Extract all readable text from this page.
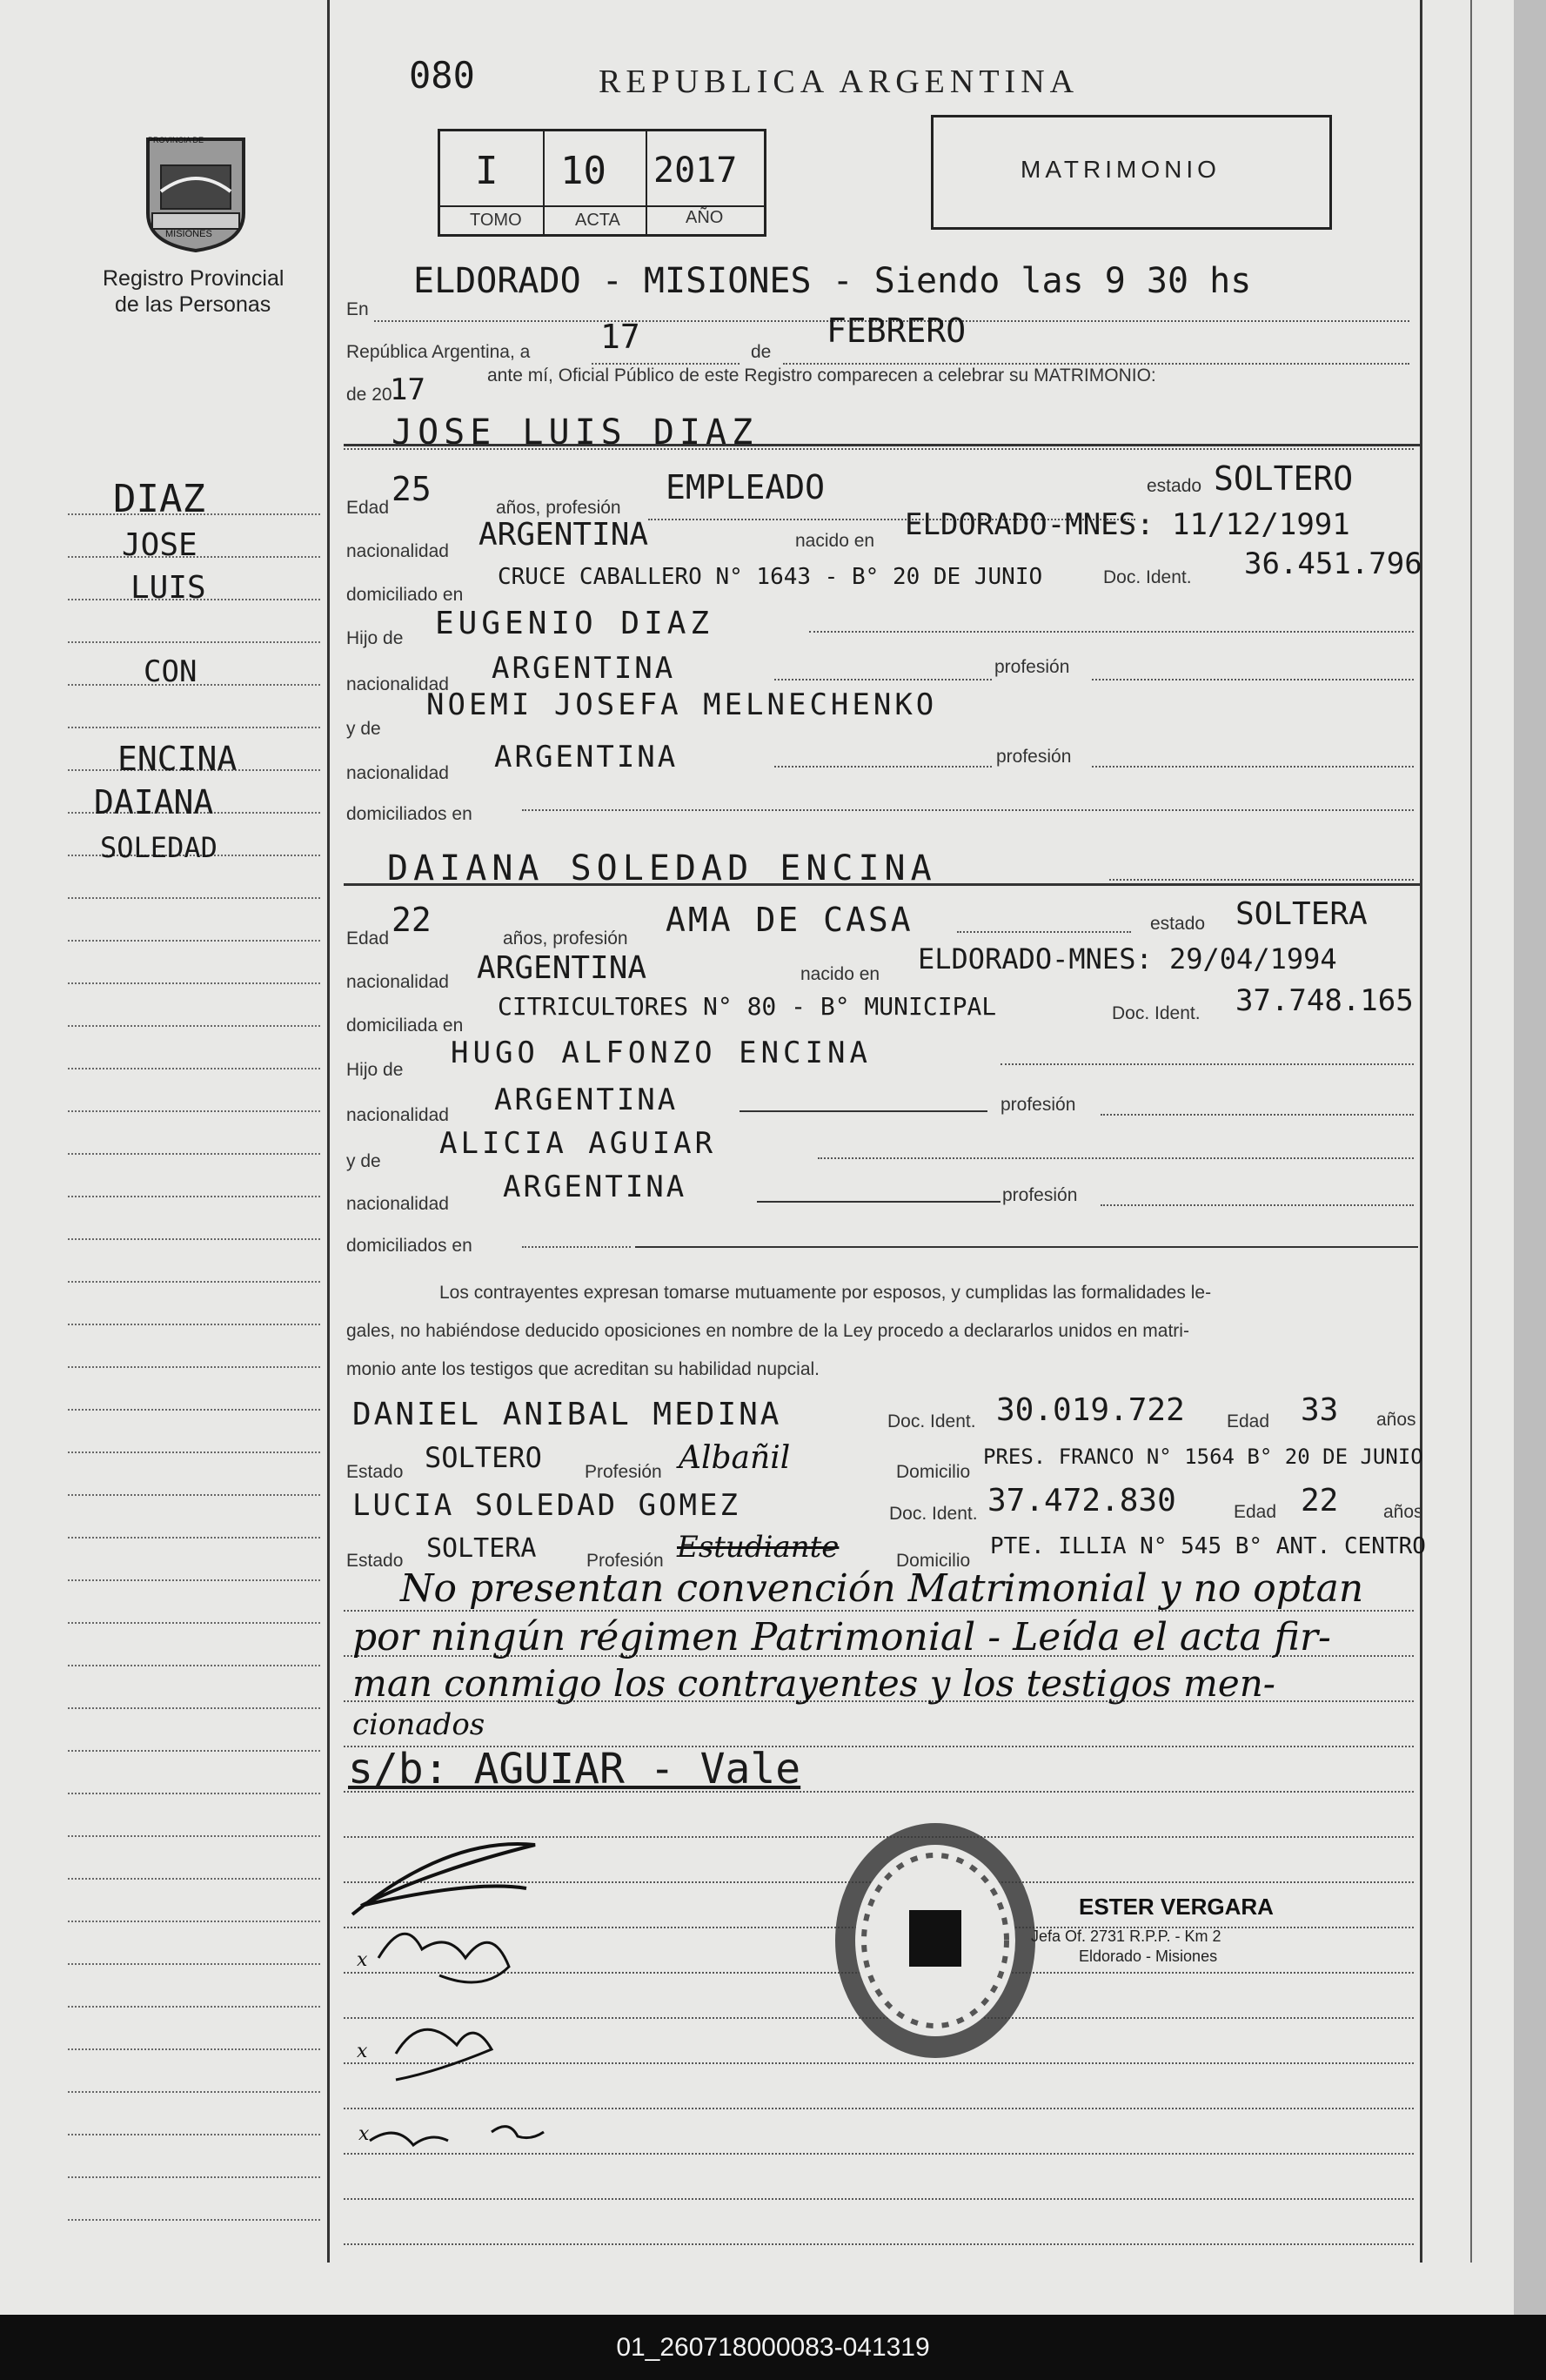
PROVINCIA DE
MISIONES
Registro Provincial
de las Personas
DIAZ
JOSE
LUIS
CON
ENCINA
DAIANA
SOLEDAD
080	REPUBLICA ARGENTINA
I 10 2017
TOMO	ACTA	AÑO
MATRIMONIO
En
ELDORADO - MISIONES - Siendo las 9 30 hs
República Argentina, a 17	de
FEBRERO
de 20
17	ante mí, Oficial Público de este Registro comparecen a celebrar su MATRIMONIO:
JOSE LUIS DIAZ
Edad 25	años, profesión
EMPLEADO	estado SOLTERO
nacionalidad ARGENTINA	nacido en ELDORADO-MNES: 11/12/1991
domiciliado en
CRUCE CABALLERO N° 1643 - B° 20 DE JUNIO	Doc. Ident. 36.451.796
Hijo de EUGENIO DIAZ
nacionalidad ARGENTINA	profesión
y de
NOEMI JOSEFA MELNECHENKO
nacionalidad ARGENTINA	profesión
domiciliados en
DAIANA SOLEDAD ENCINA
Edad 22	años, profesión AMA DE CASA	estado SOLTERA
nacionalidad ARGENTINA	nacido en ELDORADO-MNES: 29/04/1994
domiciliada en
CITRICULTORES N° 80 - B° MUNICIPAL	Doc. Ident. 37.748.165
Hijo de HUGO ALFONZO ENCINA
nacionalidad ARGENTINA	profesión
y de
ALICIA AGUIAR
nacionalidad ARGENTINA	profesión
domiciliados en
Los contrayentes expresan tomarse mutuamente por esposos, y cumplidas las formalidades le-
gales, no habiéndose deducido oposiciones en nombre de la Ley procedo a declararlos unidos en matri-
monio ante los testigos que acreditan su habilidad nupcial.
DANIEL ANIBAL MEDINA	Doc. Ident. 30.019.722 Edad 33 años
Estado SOLTERO Profesión Albañil	Domicilio
PRES. FRANCO N° 1564 B° 20 DE JUNIO
LUCIA SOLEDAD GOMEZ	Doc. Ident. 37.472.830	Edad 22 años
Estado SOLTERA	Profesión Estudiante	Domicilio
PTE. ILLIA N° 545 B° ANT. CENTRO
No presentan convención Matrimonial y no optan
por ningún régimen Patrimonial - Leída el acta fir-
man conmigo los contrayentes y los testigos men-
cionados
s/b: AGUIAR - Vale
ESTER VERGARA
Jefa Of. 2731 R.P.P. - Km 2
Eldorado - Misiones
x
x
x
01_260718000083-041319
